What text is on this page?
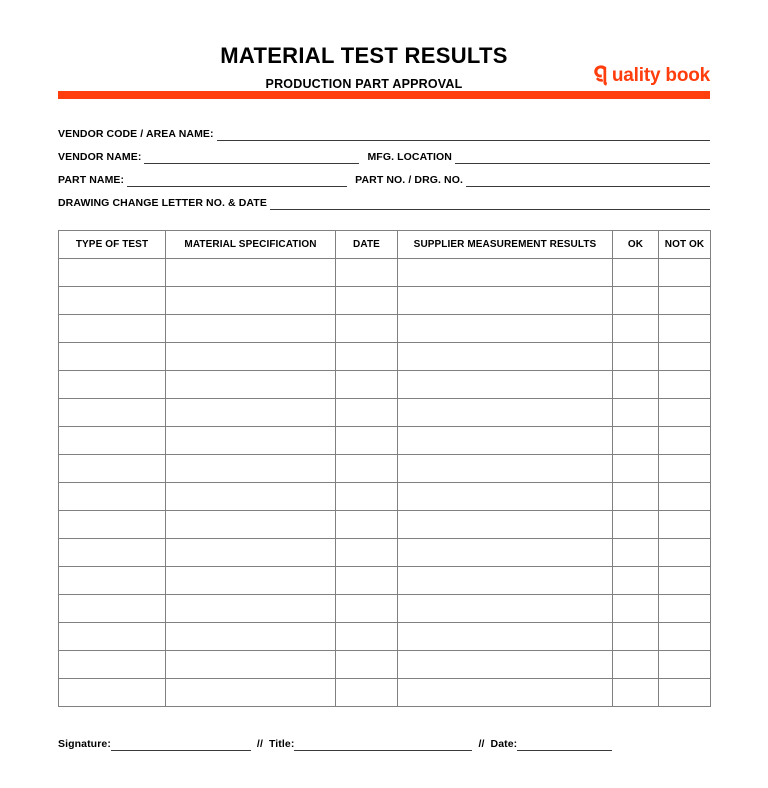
MATERIAL TEST RESULTS
PRODUCTION PART APPROVAL	uality book
VENDOR CODE / AREA NAME:
VENDOR NAME:	MFG. LOCATION
PART NAME:	PART NO. / DRG. NO.
DRAWING CHANGE LETTER NO. & DATE
TYPE OF TEST	MATERIAL SPECIFICATION	DATE	SUPPLIER MEASUREMENT RESULTS	OK	NOT OK

Signature:	// Title:	// Date:
